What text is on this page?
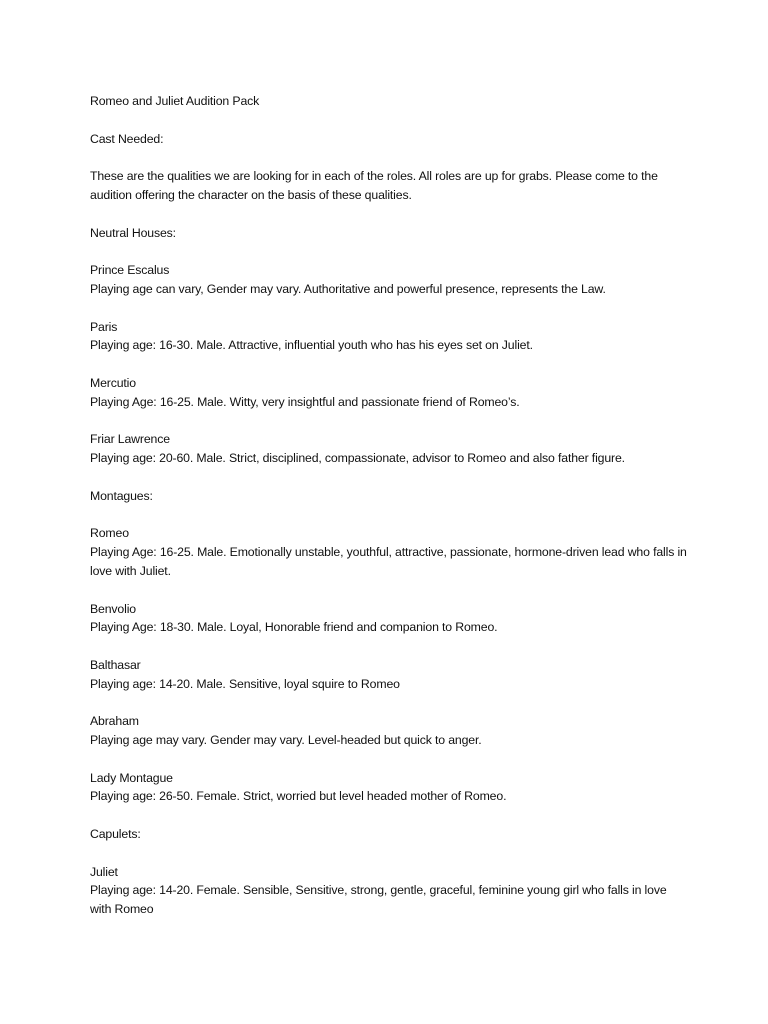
Romeo and Juliet Audition Pack

Cast Needed:

These are the qualities we are looking for in each of the roles. All roles are up for grabs. Please come to the audition offering the character on the basis of these qualities.

Neutral Houses:

Prince Escalus
Playing age can vary, Gender may vary. Authoritative and powerful presence, represents the Law.
Paris
Playing age: 16-30. Male. Attractive, influential youth who has his eyes set on Juliet.
Mercutio
Playing Age: 16-25. Male. Witty, very insightful and passionate friend of Romeo’s.
Friar Lawrence
Playing age: 20-60. Male. Strict, disciplined, compassionate, advisor to Romeo and also father figure.

Montagues:

Romeo
Playing Age: 16-25. Male. Emotionally unstable, youthful, attractive, passionate, hormone-driven lead who falls in love with Juliet.
Benvolio
Playing Age: 18-30. Male. Loyal, Honorable friend and companion to Romeo.
Balthasar
Playing age: 14-20. Male. Sensitive, loyal squire to Romeo
Abraham
Playing age may vary. Gender may vary. Level-headed but quick to anger.
Lady Montague
Playing age: 26-50. Female. Strict, worried but level headed mother of Romeo.

Capulets:

Juliet
Playing age: 14-20. Female. Sensible, Sensitive, strong, gentle, graceful, feminine young girl who falls in love with Romeo
